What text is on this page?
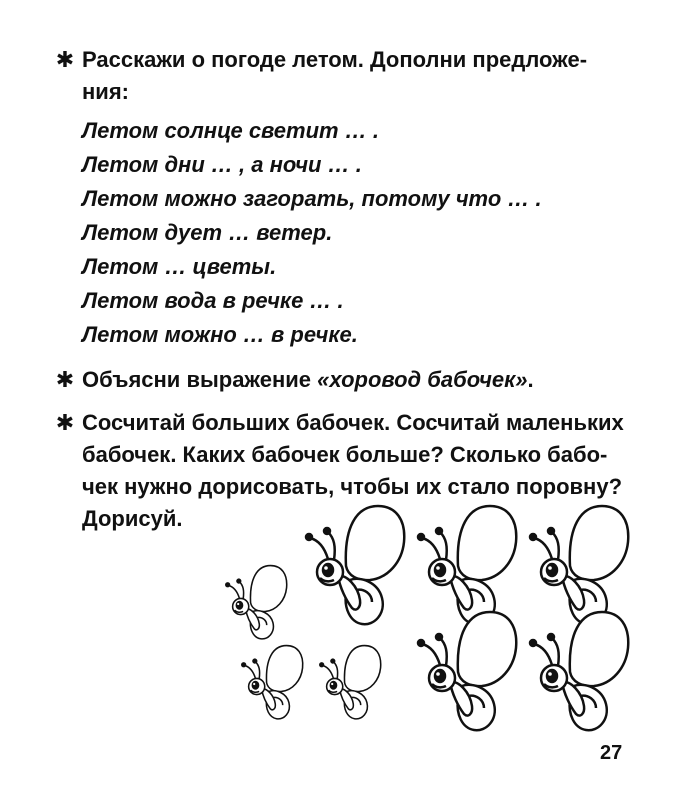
✱ Расскажи о погоде летом. Дополни предложе-
ния:
Летом солнце светит … .
Летом дни … , а ночи … .
Летом можно загорать, потому что … .
Летом дует … ветер.
Летом … цветы.
Летом вода в речке … .
Летом можно … в речке.
✱ Объясни выражение «хоровод бабочек».
✱ Сосчитай больших бабочек. Сосчитай маленьких
бабочек. Каких бабочек больше? Сколько бабо-
чек нужно дорисовать, чтобы их стало поровну?
Дорисуй.
27
